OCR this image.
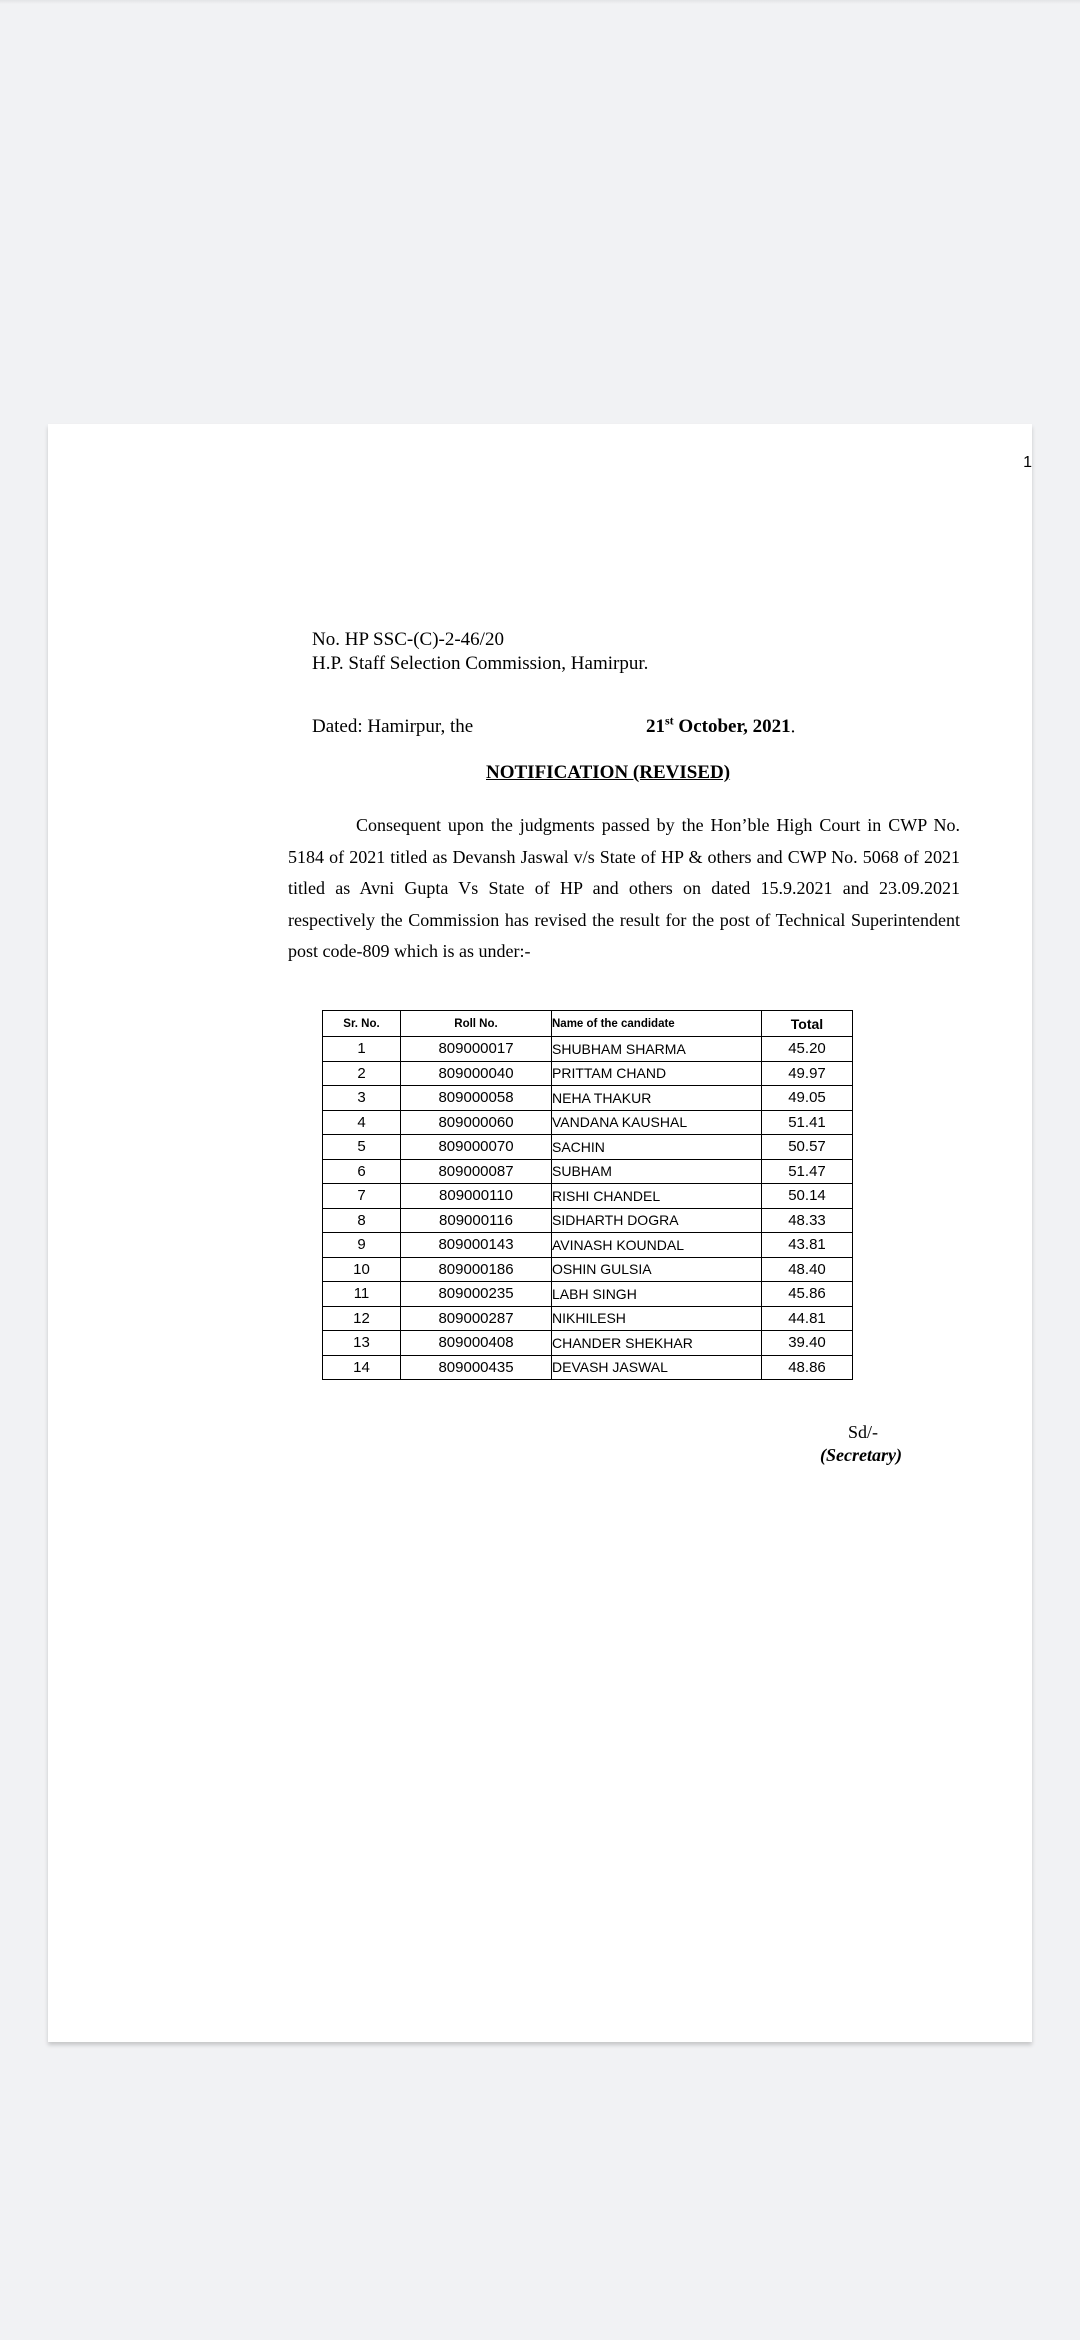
1
No. HP SSC-(C)-2-46/20
H.P. Staff Selection Commission, Hamirpur.
Dated: Hamirpur, the	21st October, 2021.
NOTIFICATION (REVISED)

Consequent upon the judgments passed by the Hon’ble High Court in CWP No. 5184 of 2021 titled as Devansh Jaswal v/s State of HP & others and CWP No. 5068 of 2021 titled as Avni Gupta Vs State of HP and others on dated 15.9.2021 and 23.09.2021 respectively the Commission has revised the result for the post of Technical Superintendent post code-809 which is as under:-

Sr. No.	Roll No.	Name of the candidate	Total
1	809000017	SHUBHAM SHARMA	45.20
2	809000040	PRITTAM CHAND	49.97
3	809000058	NEHA THAKUR	49.05
4	809000060	VANDANA KAUSHAL	51.41
5	809000070	SACHIN	50.57
6	809000087	SUBHAM	51.47
7	809000110	RISHI CHANDEL	50.14
8	809000116	SIDHARTH DOGRA	48.33
9	809000143	AVINASH KOUNDAL	43.81
10	809000186	OSHIN GULSIA	48.40
11	809000235	LABH SINGH	45.86
12	809000287	NIKHILESH	44.81
13	809000408	CHANDER SHEKHAR	39.40
14	809000435	DEVASH JASWAL	48.86
Sd/-
(Secretary)
